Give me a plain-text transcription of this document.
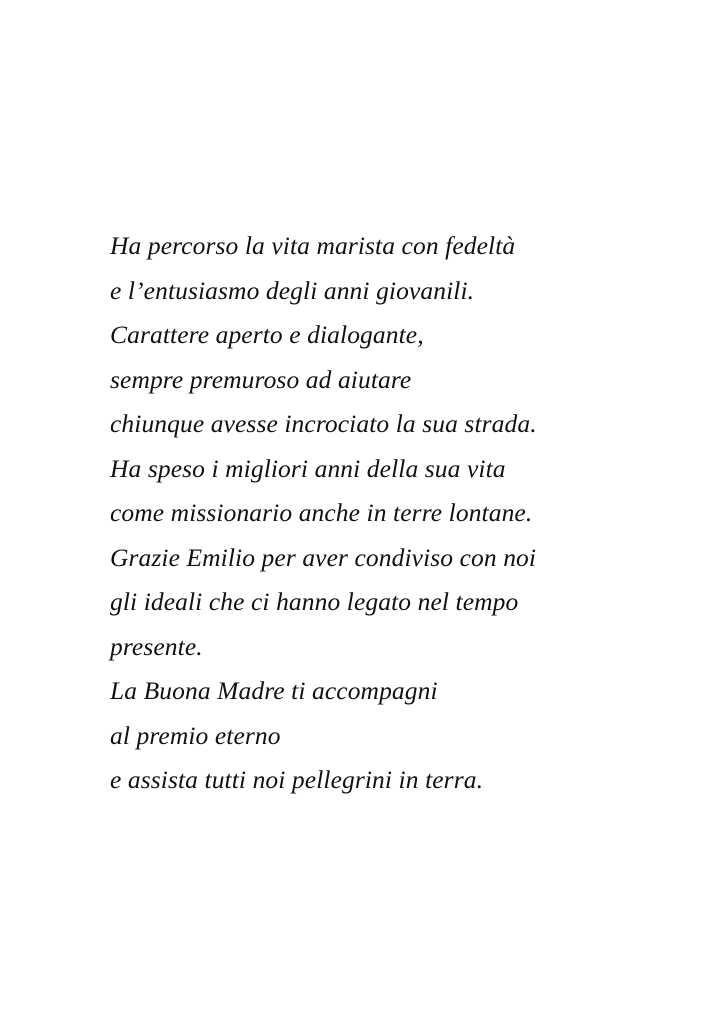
Ha percorso la vita marista con fedeltà
e l’entusiasmo degli anni giovanili.
Carattere aperto e dialogante,
sempre premuroso ad aiutare
chiunque avesse incrociato la sua strada.
Ha speso i migliori anni della sua vita
come missionario anche in terre lontane.
Grazie Emilio per aver condiviso con noi
gli ideali che ci hanno legato nel tempo
presente.
La Buona Madre ti accompagni
al premio eterno
e assista tutti noi pellegrini in terra.
